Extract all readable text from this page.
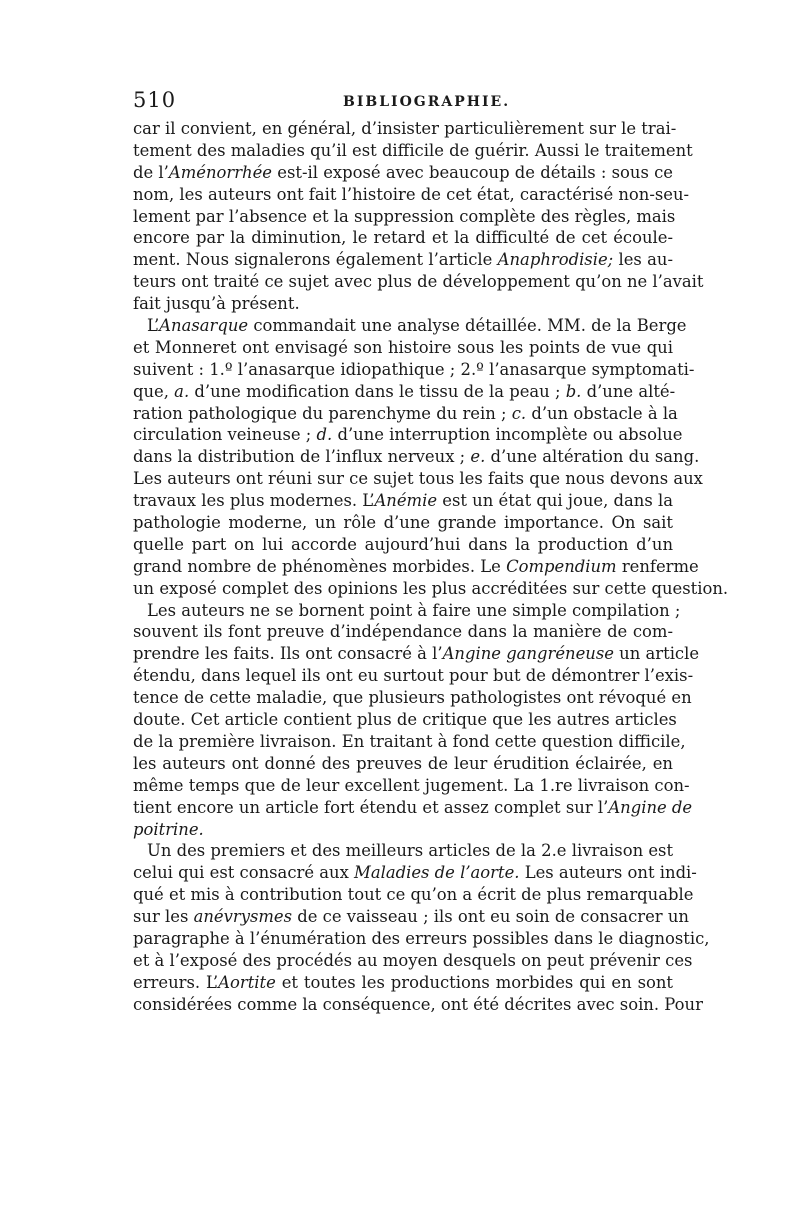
510	BIBLIOGRAPHIE.
car il convient, en général, d’insister particulièrement sur le trai-
tement des maladies qu’il est difficile de guérir. Aussi le traitement
de l’Aménorrhée est-il exposé avec beaucoup de détails : sous ce
nom, les auteurs ont fait l’histoire de cet état, caractérisé non-seu-
lement par l’absence et la suppression complète des règles, mais
encore par la diminution, le retard et la difficulté de cet écoule-
ment. Nous signalerons également l’article Anaphrodisie; les au-
teurs ont traité ce sujet avec plus de développement qu’on ne l’avait
fait jusqu’à présent.
L’Anasarque commandait une analyse détaillée. MM. de la Berge
et Monneret ont envisagé son histoire sous les points de vue qui
suivent : 1.º l’anasarque idiopathique ; 2.º l’anasarque symptomati-
que, a. d’une modification dans le tissu de la peau ; b. d’une alté-
ration pathologique du parenchyme du rein ; c. d’un obstacle à la
circulation veineuse ; d. d’une interruption incomplète ou absolue
dans la distribution de l’influx nerveux ; e. d’une altération du sang.
Les auteurs ont réuni sur ce sujet tous les faits que nous devons aux
travaux les plus modernes. L’Anémie est un état qui joue, dans la
pathologie moderne, un rôle d’une grande importance. On sait
quelle part on lui accorde aujourd’hui dans la production d’un
grand nombre de phénomènes morbides. Le Compendium renferme
un exposé complet des opinions les plus accréditées sur cette question.
Les auteurs ne se bornent point à faire une simple compilation ;
souvent ils font preuve d’indépendance dans la manière de com-
prendre les faits. Ils ont consacré à l’Angine gangréneuse un article
étendu, dans lequel ils ont eu surtout pour but de démontrer l’exis-
tence de cette maladie, que plusieurs pathologistes ont révoqué en
doute. Cet article contient plus de critique que les autres articles
de la première livraison. En traitant à fond cette question difficile,
les auteurs ont donné des preuves de leur érudition éclairée, en
même temps que de leur excellent jugement. La 1.re livraison con-
tient encore un article fort étendu et assez complet sur l’Angine de
poitrine.
Un des premiers et des meilleurs articles de la 2.e livraison est
celui qui est consacré aux Maladies de l’aorte. Les auteurs ont indi-
qué et mis à contribution tout ce qu’on a écrit de plus remarquable
sur les anévrysmes de ce vaisseau ; ils ont eu soin de consacrer un
paragraphe à l’énumération des erreurs possibles dans le diagnostic,
et à l’exposé des procédés au moyen desquels on peut prévenir ces
erreurs. L’Aortite et toutes les productions morbides qui en sont
considérées comme la conséquence, ont été décrites avec soin. Pour
